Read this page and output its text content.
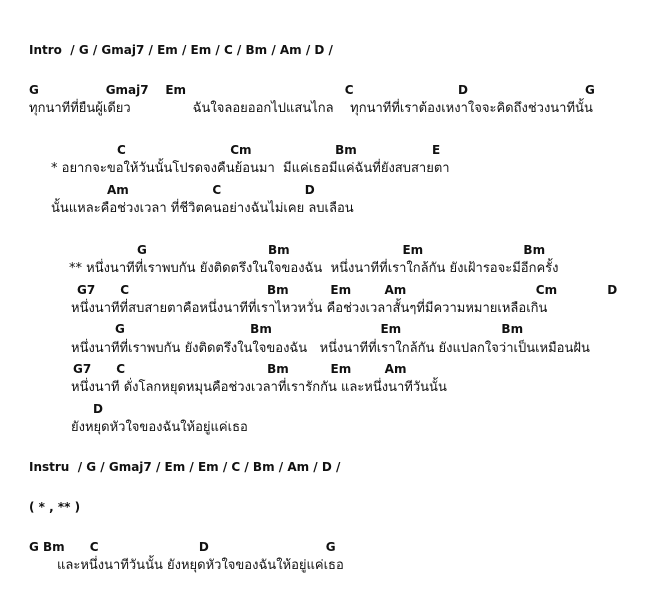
Intro  / G / Gmaj7 / Em / Em / C / Bm / Am / D /
G                Gmaj7    Em                                      C                         D                            G
ทุกนาทีที่ยืนผู้เดียว               ฉันใจลอยออกไปแสนไกล    ทุกนาทีที่เราต้องเหงาใจจะคิดถึงช่วงนาทีนั้น
C                         Cm                    Bm                  E
* อยากจะขอให้วันนั้นโปรดจงคืนย้อนมา  มีแค่เธอมีแค่ฉันที่ยังสบสายตา
Am                    C                    D
นั้นแหละคือช่วงเวลา ที่ชีวิตคนอย่างฉันไม่เคย ลบเลือน
G                             Bm                           Em                        Bm
** หนึ่งนาทีที่เราพบกัน ยังติดตรึงในใจของฉัน  หนึ่งนาทีที่เราใกล้กัน ยังเฝ้ารอจะมีอีกครั้ง
G7      C                                 Bm          Em        Am                               Cm            D
หนึ่งนาทีที่สบสายตาคือหนึ่งนาทีที่เราไหวหวั่น คือช่วงเวลาสั้นๆที่มีความหมายเหลือเกิน
G                              Bm                          Em                        Bm
หนึ่งนาทีที่เราพบกัน ยังติดตรึงในใจของฉัน   หนึ่งนาทีที่เราใกล้กัน ยังแปลกใจว่าเป็นเหมือนฝัน
G7      C                                  Bm          Em        Am
หนึ่งนาที ดั่งโลกหยุดหมุนคือช่วงเวลาที่เรารักกัน และหนึ่งนาทีวันนั้น
D
ยังหยุดหัวใจของฉันให้อยู่แค่เธอ
Instru  / G / Gmaj7 / Em / Em / C / Bm / Am / D /
( * , ** )
G Bm      C                        D                            G
และหนึ่งนาทีวันนั้น ยังหยุดหัวใจของฉันให้อยู่แค่เธอ
